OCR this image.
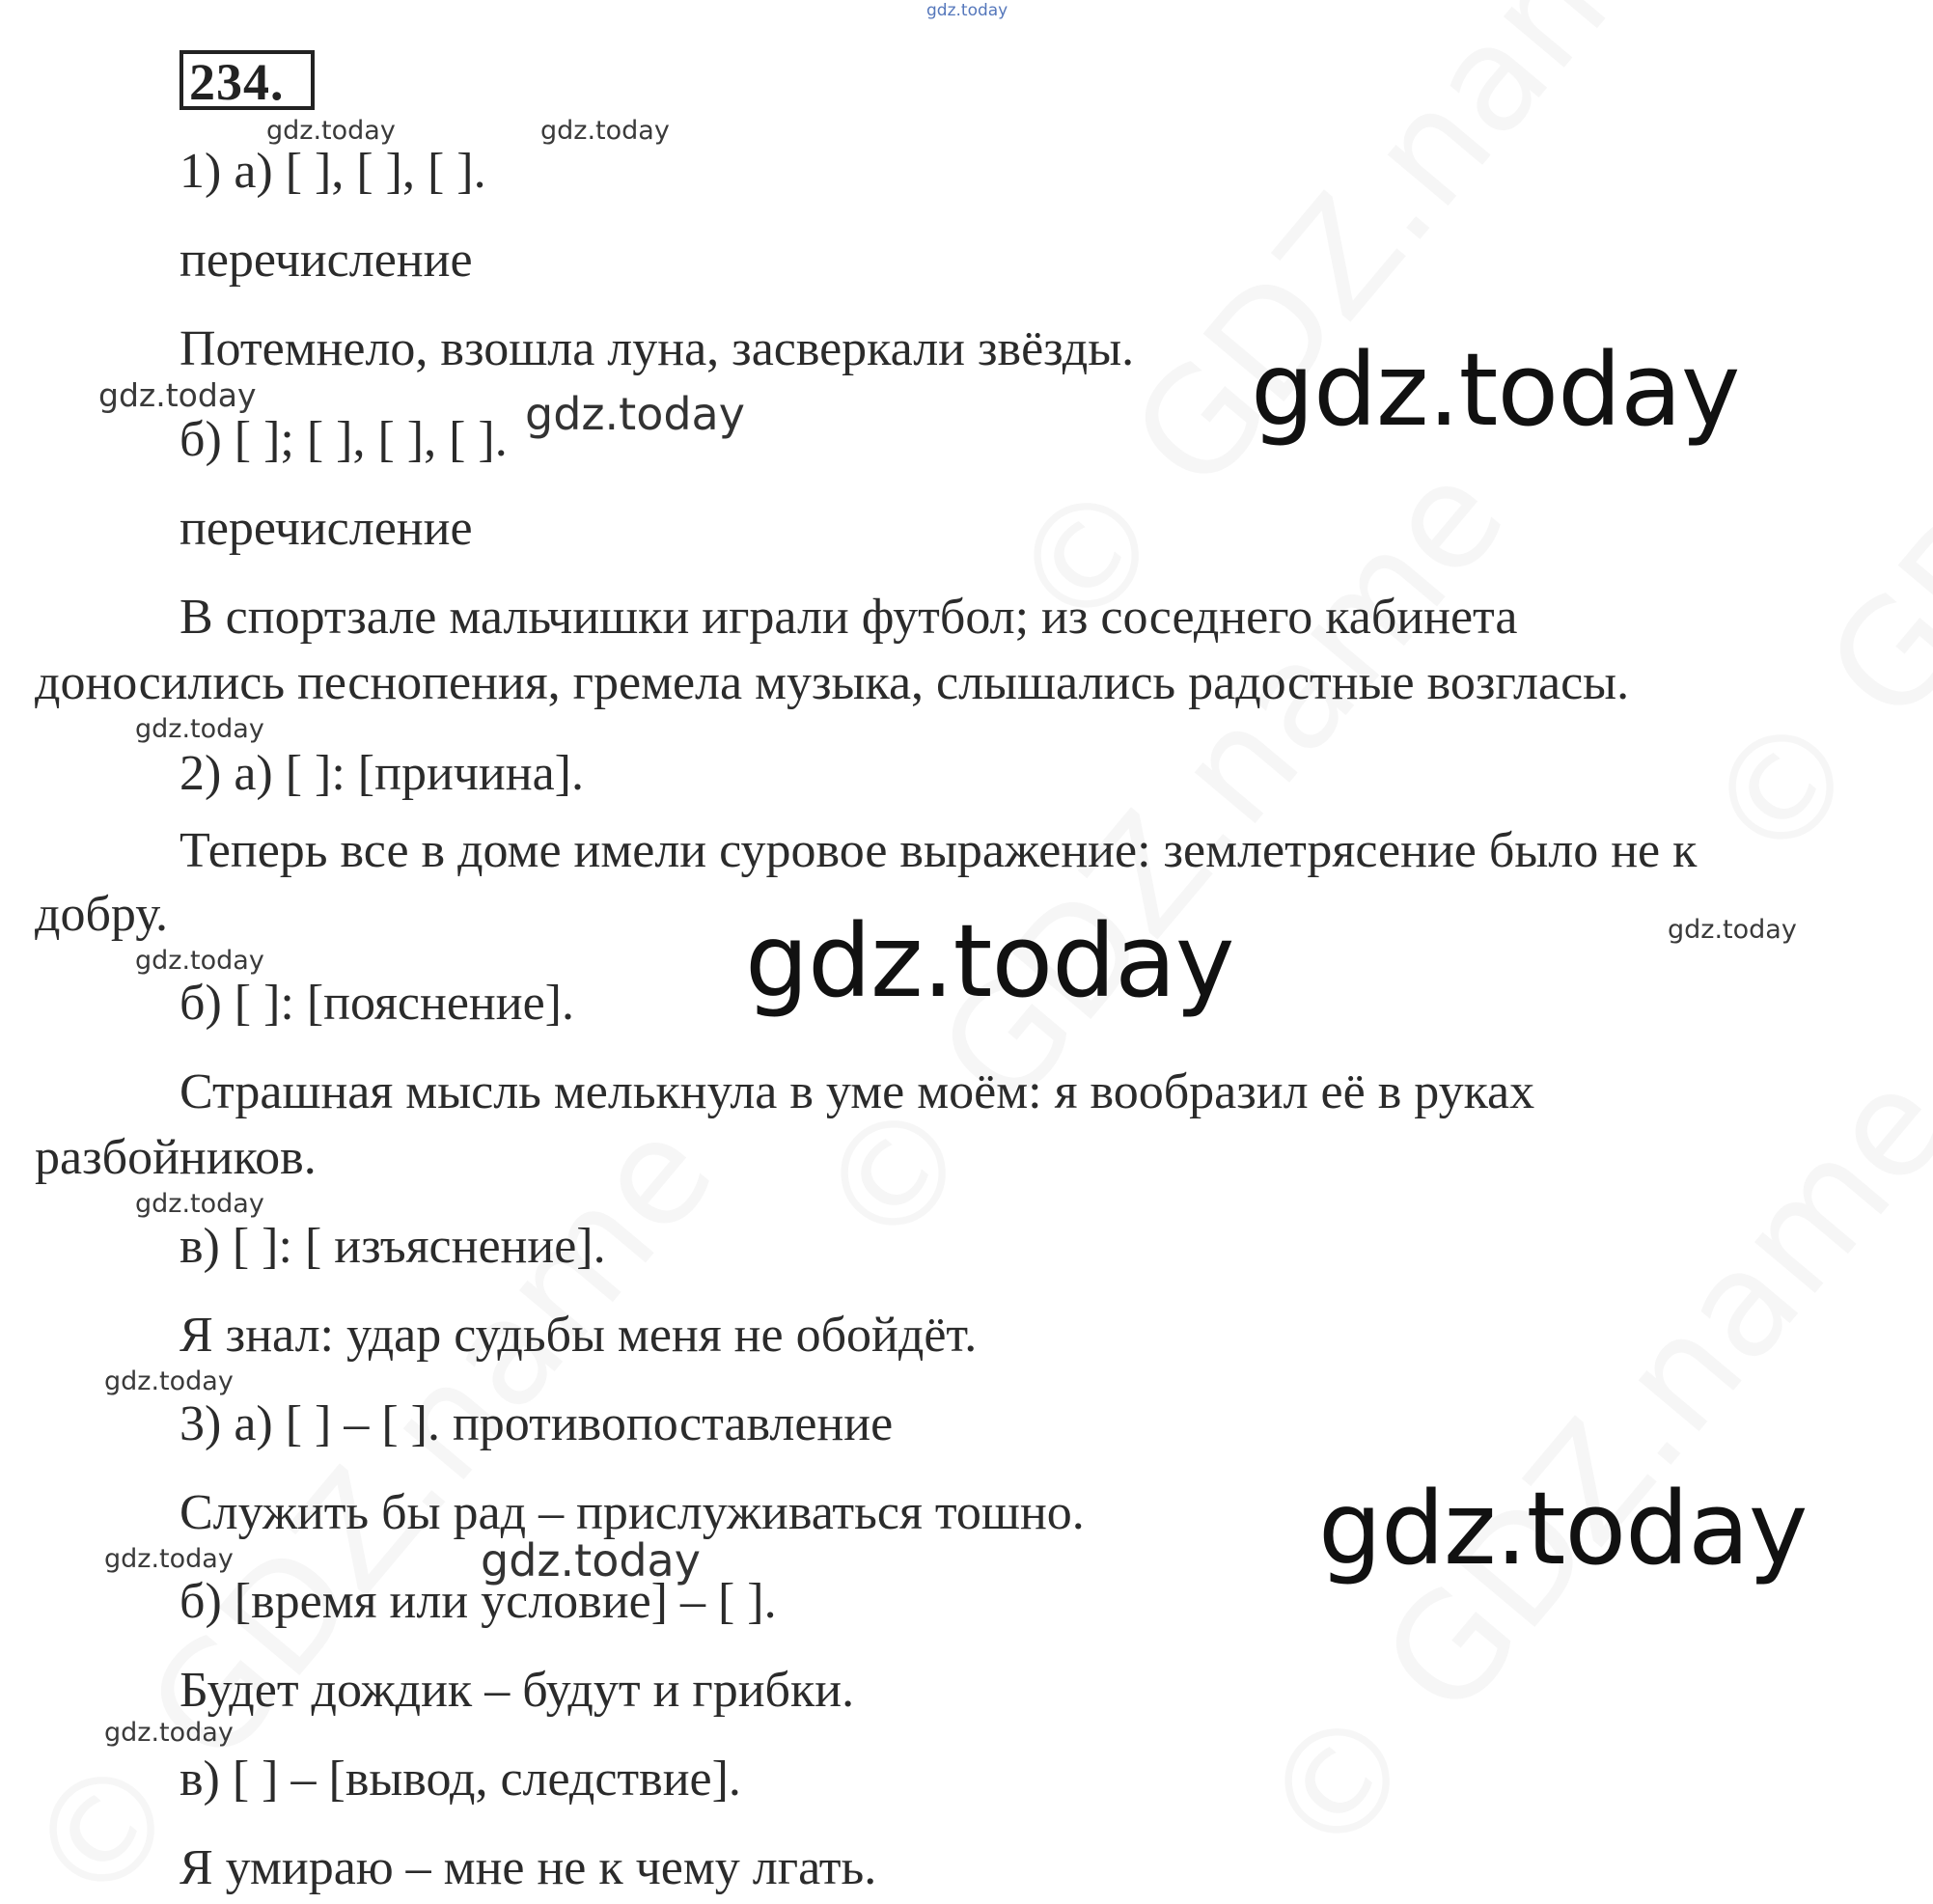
gdz.today
234.
1) а) [ ], [ ], [ ].
перечисление
Потемнело, взошла луна, засверкали звёзды.
б) [ ]; [ ], [ ], [ ].
перечисление
В спортзале мальчишки играли футбол; из соседнего кабинета
доносились песнопения, гремела музыка, слышались радостные возгласы.
2) а) [ ]: [причина].
Теперь все в доме имели суровое выражение: землетрясение было не к
добру.
б) [ ]: [пояснение].
Страшная мысль мелькнула в уме моём: я вообразил её в руках
разбойников.
в) [ ]: [ изъяснение].
Я знал: удар судьбы меня не обойдёт.
3) а) [ ] – [ ]. противопоставление
Служить бы рад – прислуживаться тошно.
б) [время или условие] – [ ].
Будет дождик – будут и грибки.
в) [ ] – [вывод, следствие].
Я умираю – мне не к чему лгать.
gdz.today	gdz.today
gdz.today
gdz.today
gdz.today
gdz.today
gdz.today
gdz.today
gdz.today
gdz.today
gdz.today
gdz.today
gdz.today
gdz.today
gdz.today
